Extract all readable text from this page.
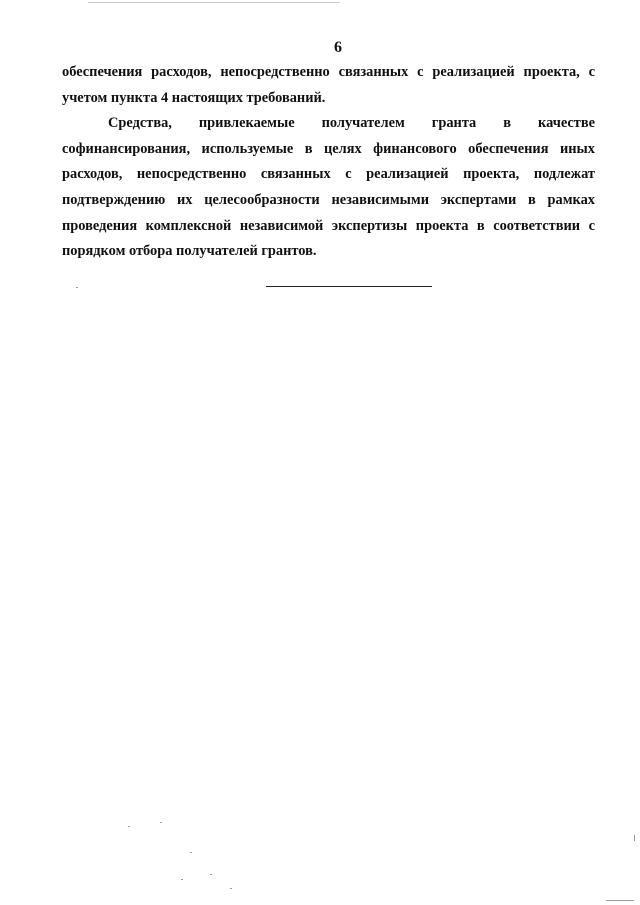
6

обеспечения расходов, непосредственно связанных с реализацией проекта, с учетом пункта 4 настоящих требований.

Средства, привлекаемые получателем гранта в качестве софинансирования, используемые в целях финансового обеспечения иных расходов, непосредственно связанных с реализацией проекта, подлежат подтверждению их целесообразности независимыми экспертами в рамках проведения комплексной независимой экспертизы проекта в соответствии с порядком отбора получателей грантов.
